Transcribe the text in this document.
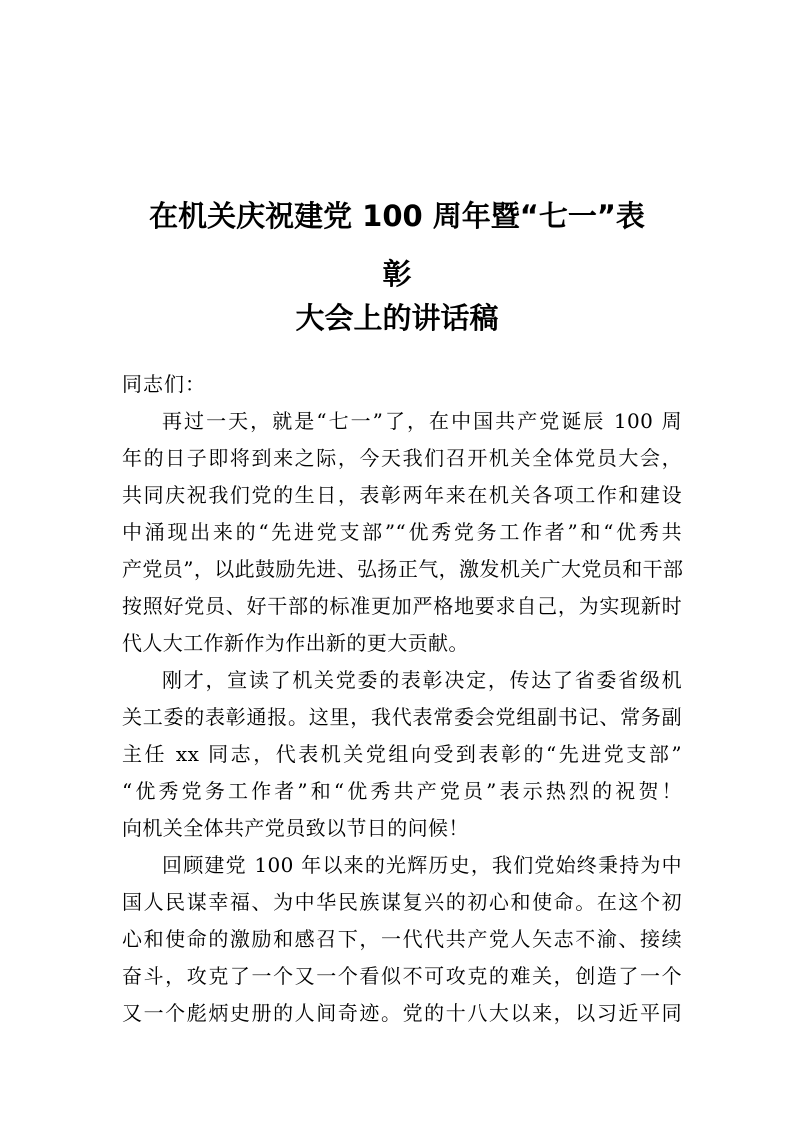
在机关庆祝建党 100 周年暨“七一”表
彰
大会上的讲话稿

同志们：

再过一天，就是“七一”了，在中国共产党诞辰 100 周
年的日子即将到来之际，今天我们召开机关全体党员大会，
共同庆祝我们党的生日，表彰两年来在机关各项工作和建设
中涌现出来的“先进党支部”“优秀党务工作者”和“优秀共
产党员”，以此鼓励先进、弘扬正气，激发机关广大党员和干部
按照好党员、好干部的标准更加严格地要求自己，为实现新时
代人大工作新作为作出新的更大贡献。
刚才，宣读了机关党委的表彰决定，传达了省委省级机
关工委的表彰通报。这里，我代表常委会党组副书记、常务副
主任 xx 同志，代表机关党组向受到表彰的“先进党支部”
“优秀党务工作者”和“优秀共产党员”表示热烈的祝贺！
向机关全体共产党员致以节日的问候！
回顾建党 100 年以来的光辉历史，我们党始终秉持为中
国人民谋幸福、为中华民族谋复兴的初心和使命。在这个初
心和使命的激励和感召下，一代代共产党人矢志不渝、接续
奋斗，攻克了一个又一个看似不可攻克的难关，创造了一个
又一个彪炳史册的人间奇迹。党的十八大以来，以习近平同
